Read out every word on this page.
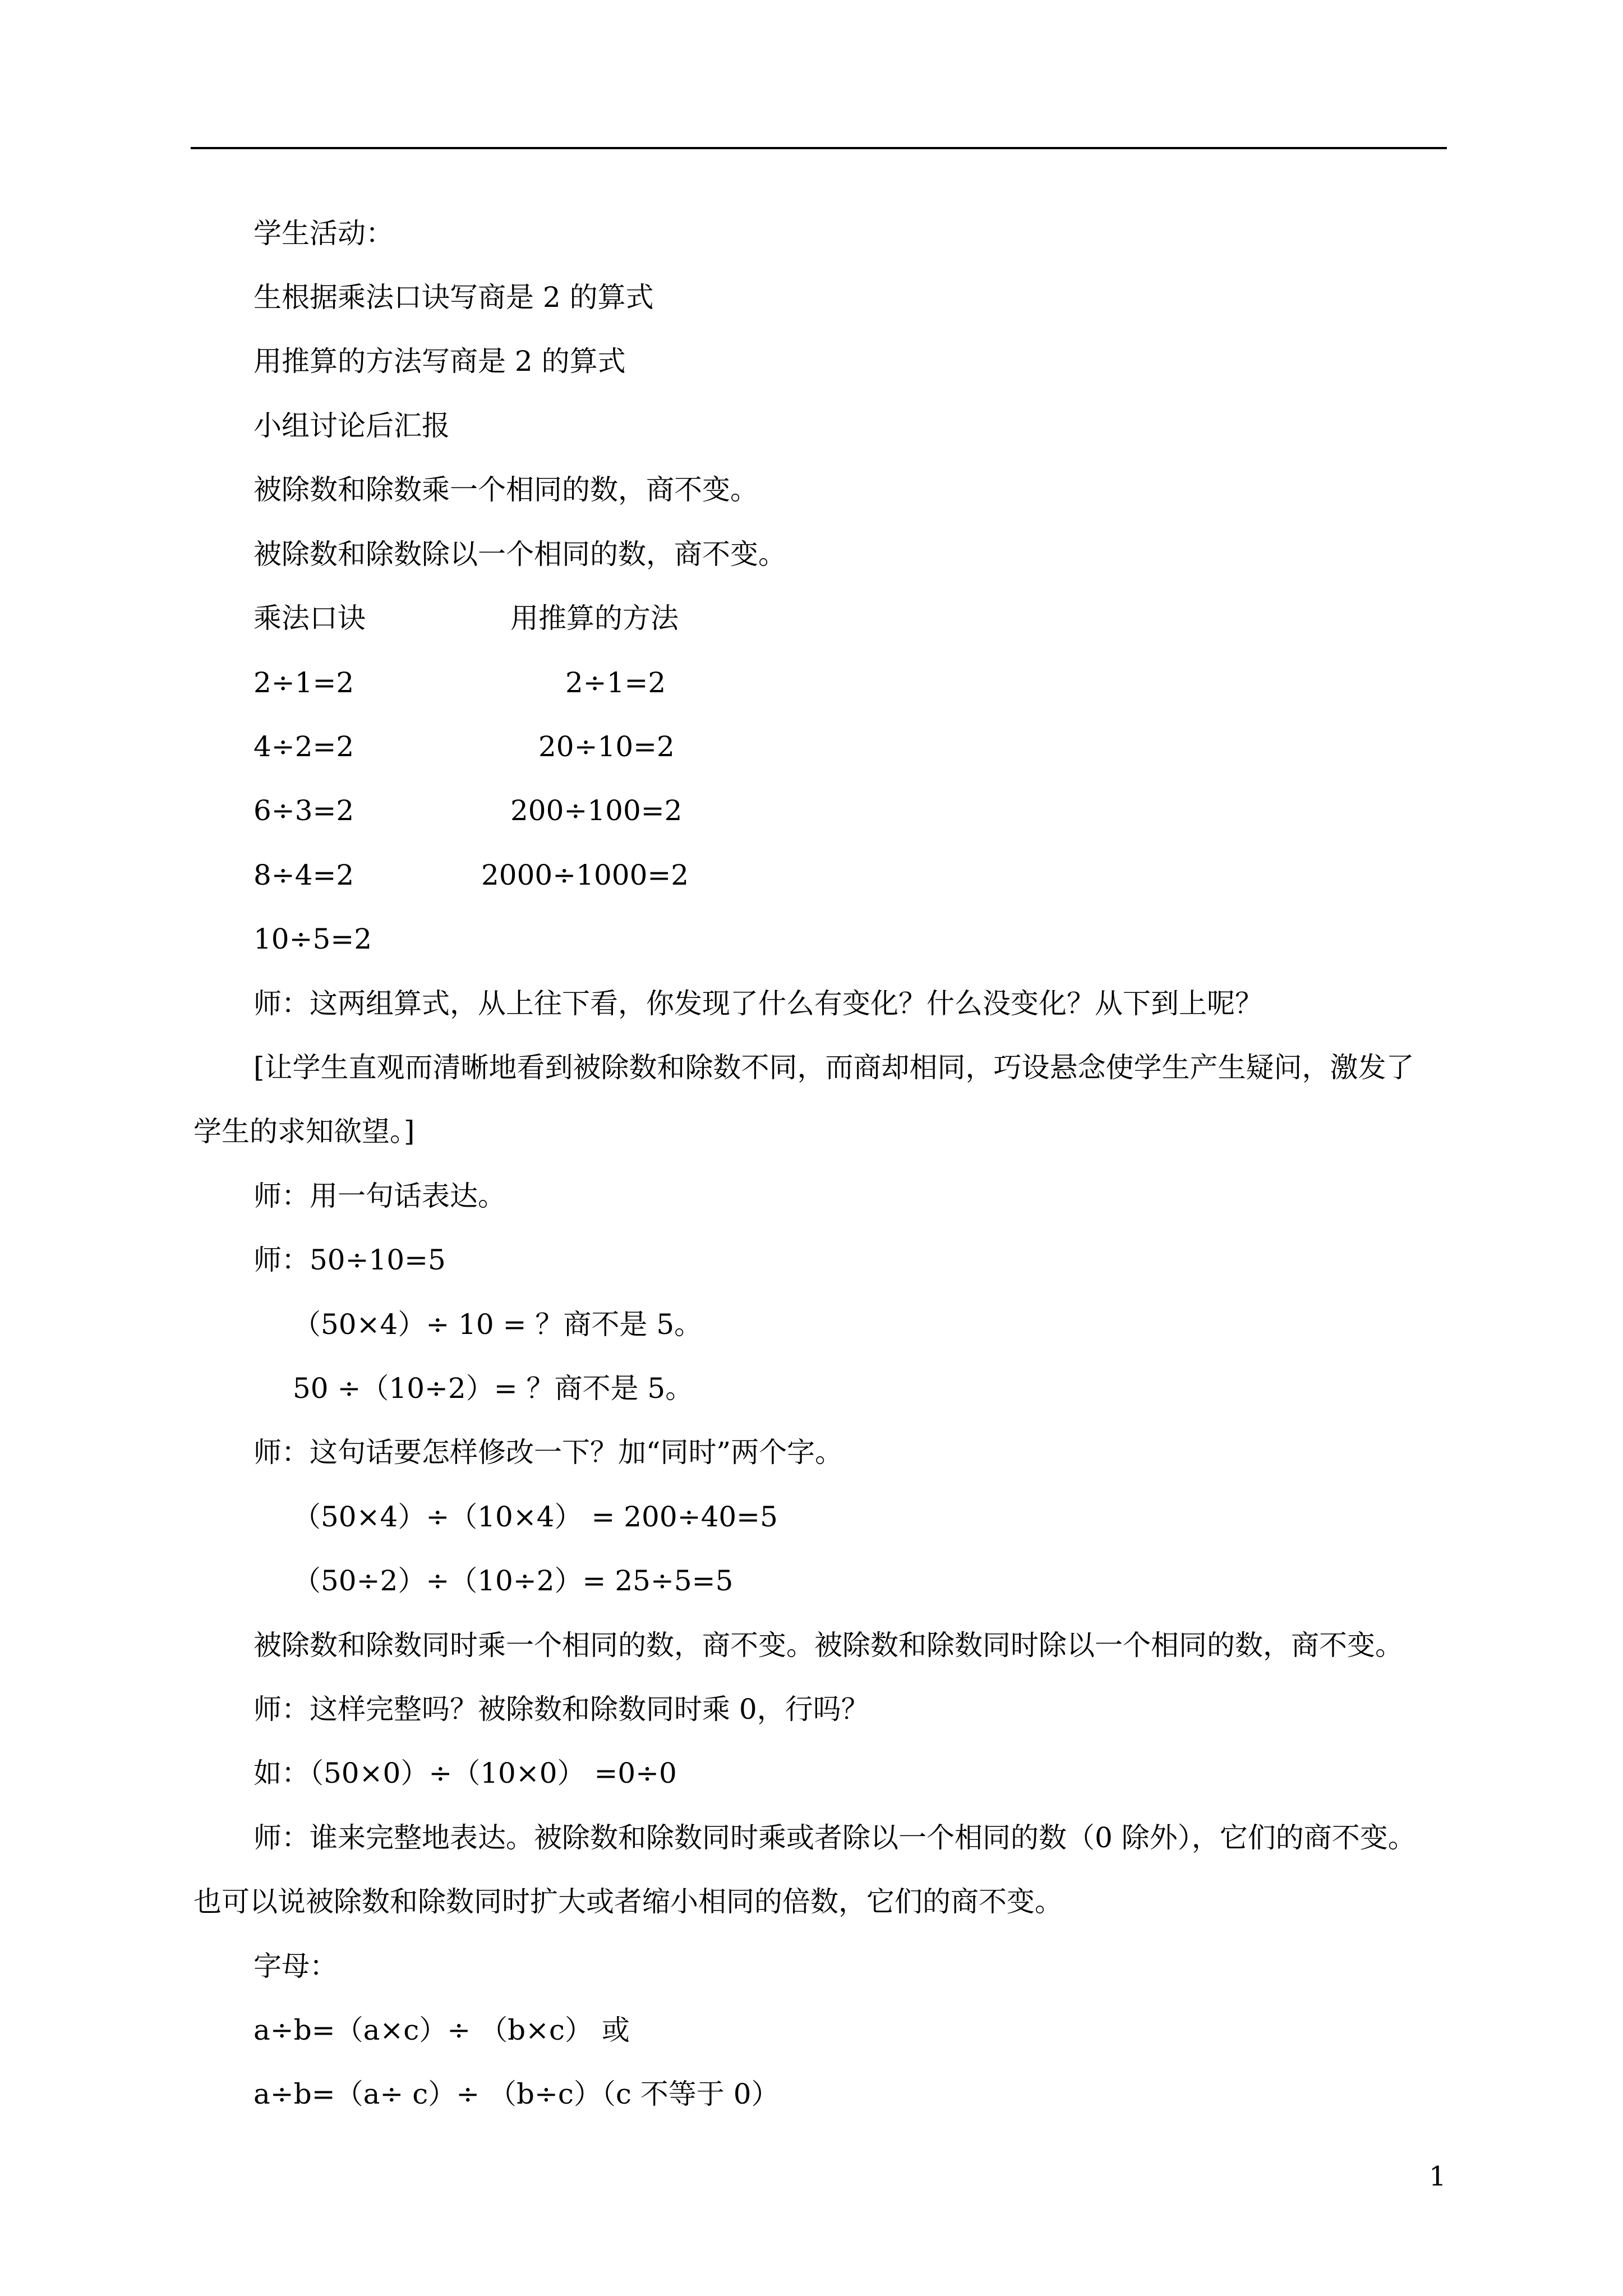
学生活动：
生根据乘法口诀写商是 2 的算式
用推算的方法写商是 2 的算式
小组讨论后汇报
被除数和除数乘一个相同的数，商不变。
被除数和除数除以一个相同的数，商不变。
乘法口诀	用推算的方法
2÷1=2
4÷2=2
6÷3=2
8÷4=2
10÷5=2
2÷1=2
20÷10=2
200÷100=2
2000÷1000=2
师：这两组算式，从上往下看，你发现了什么有变化？什么没变化？从下到上呢？
[让学生直观而清晰地看到被除数和除数不同，而商却相同，巧设悬念使学生产生疑问，激发了
学生的求知欲望。]
师：用一句话表达。
师：50÷10=5
（50×4）÷ 10 = ？商不是 5。
50 ÷（10÷2）= ？商不是 5。
师：这句话要怎样修改一下？加“同时”两个字。
（50×4）÷（10×4） = 200÷40=5
（50÷2）÷（10÷2）= 25÷5=5
被除数和除数同时乘一个相同的数，商不变。被除数和除数同时除以一个相同的数，商不变。
师：这样完整吗？被除数和除数同时乘 0，行吗？
如：（50×0）÷（10×0） =0÷0
师：谁来完整地表达。被除数和除数同时乘或者除以一个相同的数（0 除外），它们的商不变。
也可以说被除数和除数同时扩大或者缩小相同的倍数，它们的商不变。
字母：
a÷b=（a×c）÷ （b×c） 或
a÷b=（a÷ c）÷ （b÷c）（c 不等于 0）
1
